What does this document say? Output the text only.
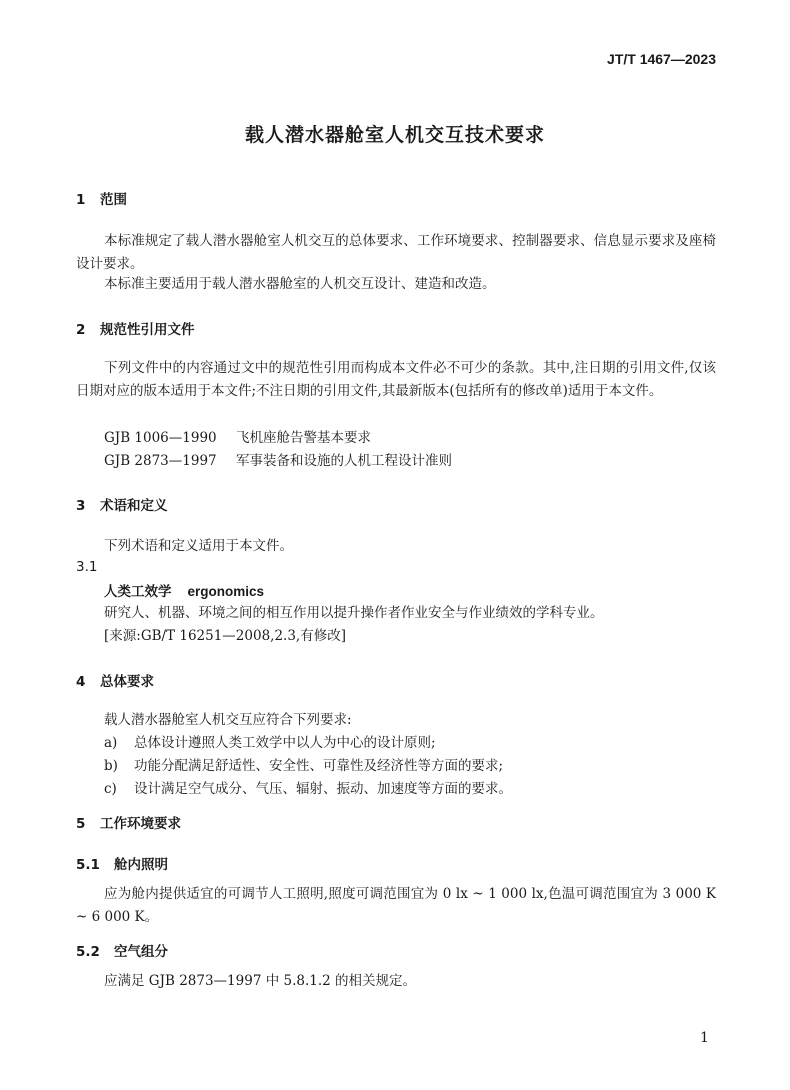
JT/T 1467—2023
载人潜水器舱室人机交互技术要求
1 范围
本标准规定了载人潜水器舱室人机交互的总体要求、工作环境要求、控制器要求、信息显示要求及座椅设计要求。
本标准主要适用于载人潜水器舱室的人机交互设计、建造和改造。
2 规范性引用文件
下列文件中的内容通过文中的规范性引用而构成本文件必不可少的条款。其中,注日期的引用文件,仅该日期对应的版本适用于本文件;不注日期的引用文件,其最新版本(包括所有的修改单)适用于本文件。
GJB 1006—1990 飞机座舱告警基本要求
GJB 2873—1997 军事装备和设施的人机工程设计准则
3 术语和定义
下列术语和定义适用于本文件。
3.1
人类工效学 ergonomics
研究人、机器、环境之间的相互作用以提升操作者作业安全与作业绩效的学科专业。
[来源:GB/T 16251—2008,2.3,有修改]
4 总体要求
载人潜水器舱室人机交互应符合下列要求:
a) 总体设计遵照人类工效学中以人为中心的设计原则;
b) 功能分配满足舒适性、安全性、可靠性及经济性等方面的要求;
c) 设计满足空气成分、气压、辐射、振动、加速度等方面的要求。
5 工作环境要求
5.1 舱内照明
应为舱内提供适宜的可调节人工照明,照度可调范围宜为 0 lx ~ 1 000 lx,色温可调范围宜为 3 000 K ~ 6 000 K。
5.2 空气组分
应满足 GJB 2873—1997 中 5.8.1.2 的相关规定。
1
